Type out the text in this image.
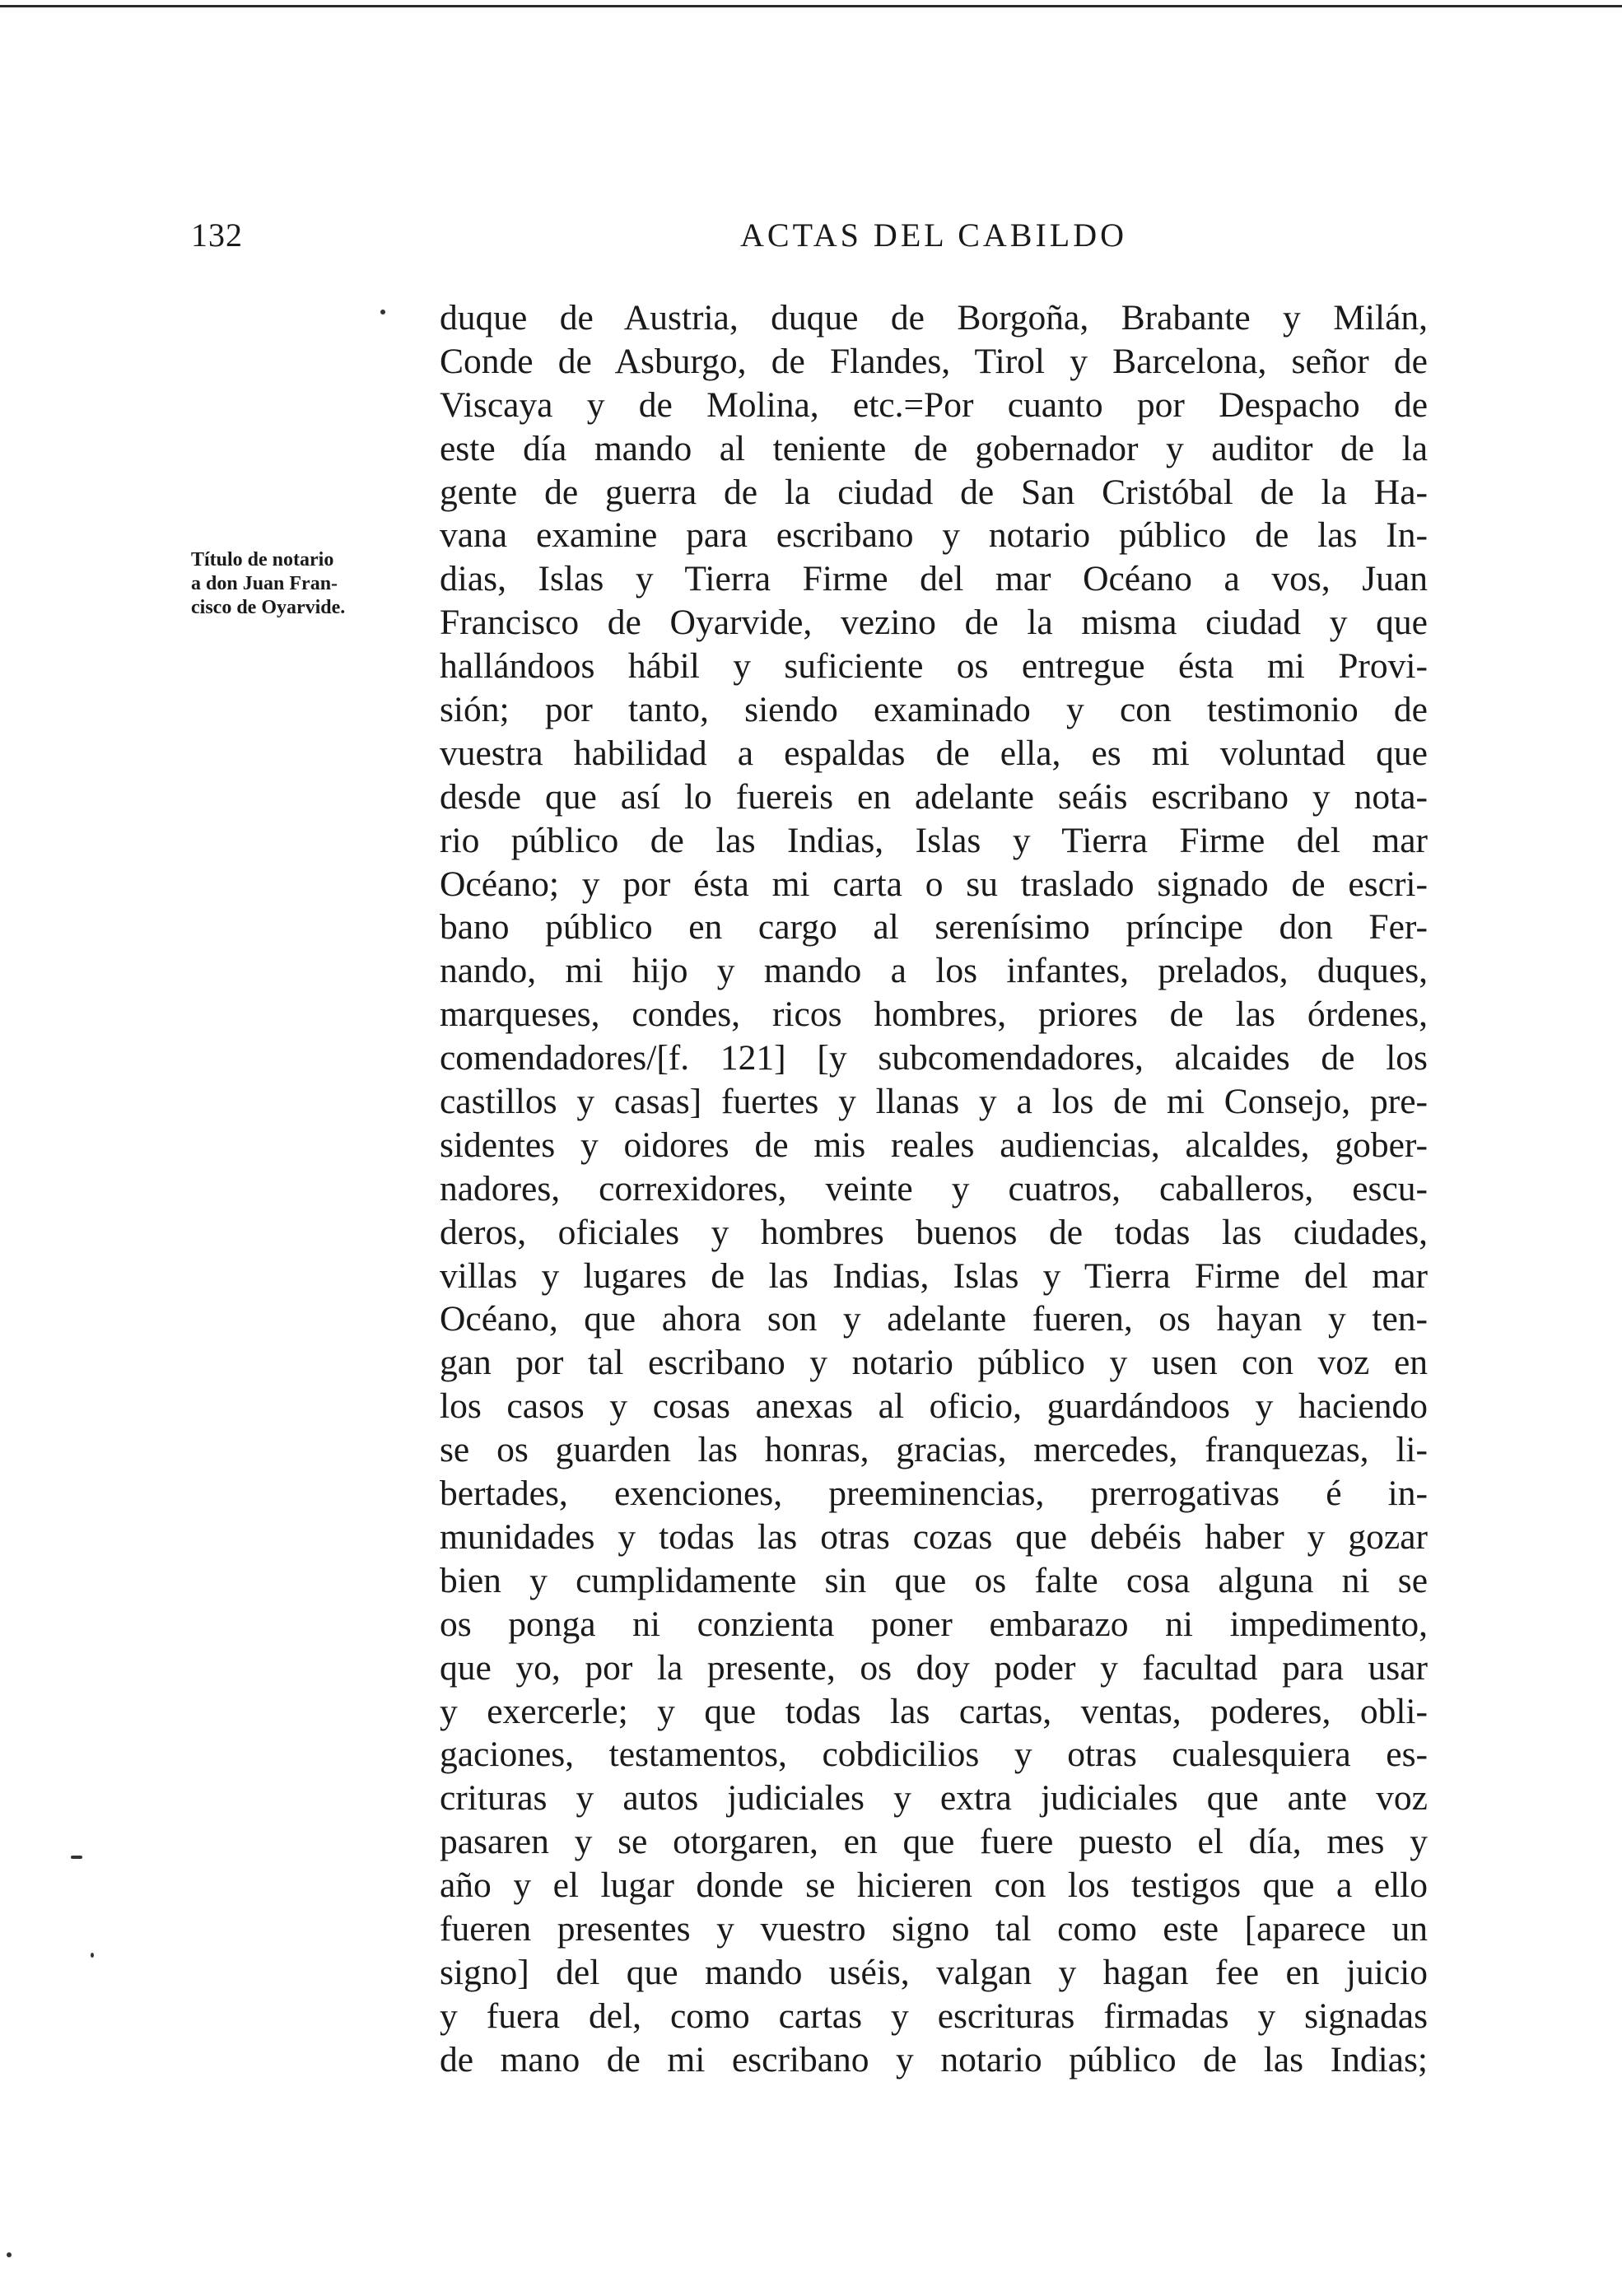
132	ACTAS DEL CABILDO
Título de notario
a don Juan Fran-
cisco de Oyarvide.
duque de Austria, duque de Borgoña, Brabante y Milán,
Conde de Asburgo, de Flandes, Tirol y Barcelona, señor de
Viscaya y de Molina, etc.=Por cuanto por Despacho de
este día mando al teniente de gobernador y auditor de la
gente de guerra de la ciudad de San Cristóbal de la Ha-
vana examine para escribano y notario público de las In-
dias, Islas y Tierra Firme del mar Océano a vos, Juan
Francisco de Oyarvide, vezino de la misma ciudad y que
hallándoos hábil y suficiente os entregue ésta mi Provi-
sión; por tanto, siendo examinado y con testimonio de
vuestra habilidad a espaldas de ella, es mi voluntad que
desde que así lo fuereis en adelante seáis escribano y nota-
rio público de las Indias, Islas y Tierra Firme del mar
Océano; y por ésta mi carta o su traslado signado de escri-
bano público en cargo al serenísimo príncipe don Fer-
nando, mi hijo y mando a los infantes, prelados, duques,
marqueses, condes, ricos hombres, priores de las órdenes,
comendadores/[f. 121] [y subcomendadores, alcaides de los
castillos y casas] fuertes y llanas y a los de mi Consejo, pre-
sidentes y oidores de mis reales audiencias, alcaldes, gober-
nadores, correxidores, veinte y cuatros, caballeros, escu-
deros, oficiales y hombres buenos de todas las ciudades,
villas y lugares de las Indias, Islas y Tierra Firme del mar
Océano, que ahora son y adelante fueren, os hayan y ten-
gan por tal escribano y notario público y usen con voz en
los casos y cosas anexas al oficio, guardándoos y haciendo
se os guarden las honras, gracias, mercedes, franquezas, li-
bertades, exenciones, preeminencias, prerrogativas é in-
munidades y todas las otras cozas que debéis haber y gozar
bien y cumplidamente sin que os falte cosa alguna ni se
os ponga ni conzienta poner embarazo ni impedimento,
que yo, por la presente, os doy poder y facultad para usar
y exercerle; y que todas las cartas, ventas, poderes, obli-
gaciones, testamentos, cobdicilios y otras cualesquiera es-
crituras y autos judiciales y extra judiciales que ante voz
pasaren y se otorgaren, en que fuere puesto el día, mes y
año y el lugar donde se hicieren con los testigos que a ello
fueren presentes y vuestro signo tal como este [aparece un
signo] del que mando uséis, valgan y hagan fee en juicio
y fuera del, como cartas y escrituras firmadas y signadas
de mano de mi escribano y notario público de las Indias;
